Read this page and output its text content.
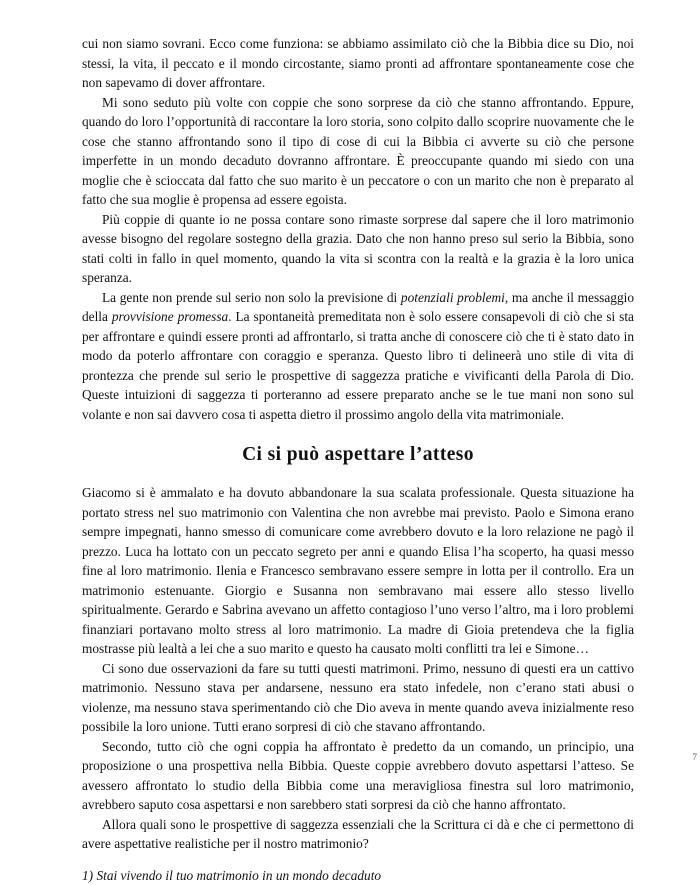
cui non siamo sovrani. Ecco come funziona: se abbiamo assimilato ciò che la Bibbia dice su Dio, noi stessi, la vita, il peccato e il mondo circostante, siamo pronti ad affrontare spontaneamente cose che non sapevamo di dover affrontare.

Mi sono seduto più volte con coppie che sono sorprese da ciò che stanno affrontando. Eppure, quando do loro l’opportunità di raccontare la loro storia, sono colpito dallo scoprire nuovamente che le cose che stanno affrontando sono il tipo di cose di cui la Bibbia ci avverte su ciò che persone imperfette in un mondo decaduto dovranno affrontare. È preoccupante quando mi siedo con una moglie che è scioccata dal fatto che suo marito è un peccatore o con un marito che non è preparato al fatto che sua moglie è propensa ad essere egoista.

Più coppie di quante io ne possa contare sono rimaste sorprese dal sapere che il loro matrimonio avesse bisogno del regolare sostegno della grazia. Dato che non hanno preso sul serio la Bibbia, sono stati colti in fallo in quel momento, quando la vita si scontra con la realtà e la grazia è la loro unica speranza.

La gente non prende sul serio non solo la previsione di potenziali problemi, ma anche il messaggio della provvisione promessa. La spontaneità premeditata non è solo essere consapevoli di ciò che si sta per affrontare e quindi essere pronti ad affrontarlo, si tratta anche di conoscere ciò che ti è stato dato in modo da poterlo affrontare con coraggio e speranza. Questo libro ti delineerà uno stile di vita di prontezza che prende sul serio le prospettive di saggezza pratiche e vivificanti della Parola di Dio. Queste intuizioni di saggezza ti porteranno ad essere preparato anche se le tue mani non sono sul volante e non sai davvero cosa ti aspetta dietro il prossimo angolo della vita matrimoniale.

Ci si può aspettare l’atteso

Giacomo si è ammalato e ha dovuto abbandonare la sua scalata professionale. Questa situazione ha portato stress nel suo matrimonio con Valentina che non avrebbe mai previsto. Paolo e Simona erano sempre impegnati, hanno smesso di comunicare come avrebbero dovuto e la loro relazione ne pagò il prezzo. Luca ha lottato con un peccato segreto per anni e quando Elisa l’ha scoperto, ha quasi messo fine al loro matrimonio. Ilenia e Francesco sembravano essere sempre in lotta per il controllo. Era un matrimonio estenuante. Giorgio e Susanna non sembravano mai essere allo stesso livello spiritualmente. Gerardo e Sabrina avevano un affetto contagioso l’uno verso l’altro, ma i loro problemi finanziari portavano molto stress al loro matrimonio. La madre di Gioia pretendeva che la figlia mostrasse più lealtà a lei che a suo marito e questo ha causato molti conflitti tra lei e Simone…

Ci sono due osservazioni da fare su tutti questi matrimoni. Primo, nessuno di questi era un cattivo matrimonio. Nessuno stava per andarsene, nessuno era stato infedele, non c’erano stati abusi o violenze, ma nessuno stava sperimentando ciò che Dio aveva in mente quando aveva inizialmente reso possibile la loro unione. Tutti erano sorpresi di ciò che stavano affrontando.

Secondo, tutto ciò che ogni coppia ha affrontato è predetto da un comando, un principio, una proposizione o una prospettiva nella Bibbia. Queste coppie avrebbero dovuto aspettarsi l’atteso. Se avessero affrontato lo studio della Bibbia come una meravigliosa finestra sul loro matrimonio, avrebbero saputo cosa aspettarsi e non sarebbero stati sorpresi da ciò che hanno affrontato.

Allora quali sono le prospettive di saggezza essenziali che la Scrittura ci dà e che ci permettono di avere aspettative realistiche per il nostro matrimonio?

1) Stai vivendo il tuo matrimonio in un mondo decaduto

7
